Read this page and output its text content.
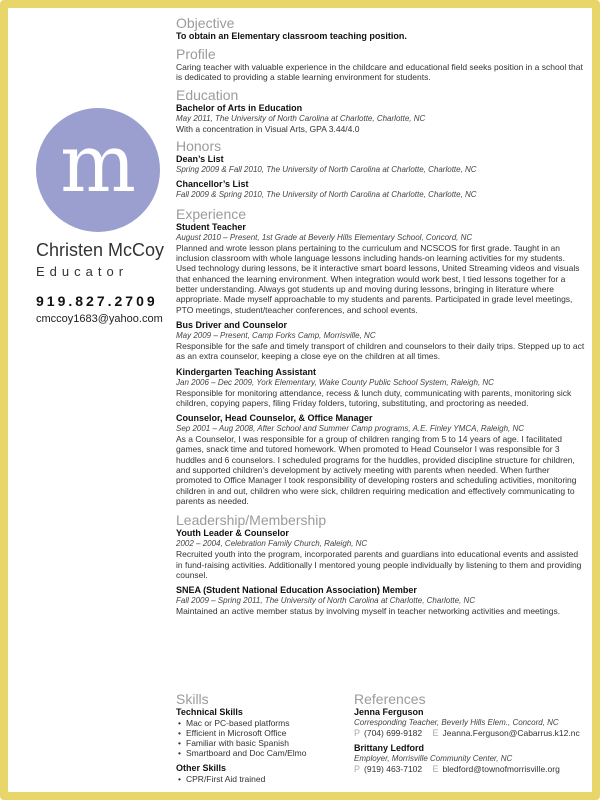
m
Christen McCoy
Educator
919.827.2709
cmccoy1683@yahoo.com
Objective
To obtain an Elementary classroom teaching position.
Profile
Caring teacher with valuable experience in the childcare and educational field seeks position in a school that is dedicated to providing a stable learning environment for students.
Education
Bachelor of Arts in Education
May 2011, The University of North Carolina at Charlotte, Charlotte, NC
With a concentration in Visual Arts, GPA 3.44/4.0
Honors
Dean’s List
Spring 2009 & Fall 2010, The University of North Carolina at Charlotte, Charlotte, NC
Chancellor’s List
Fall 2009 & Spring 2010, The University of North Carolina at Charlotte, Charlotte, NC
Experience
Student Teacher
August 2010 – Present, 1st Grade at Beverly Hills Elementary School, Concord, NC
Planned and wrote lesson plans pertaining to the curriculum and NCSCOS for first grade. Taught in an inclusion classroom with whole language lessons including hands-on learning activities for my students. Used technology during lessons, be it interactive smart board lessons, United Streaming videos and visuals that enhanced the learning environment. When integration would work best, I tied lessons together for a better understanding. Always got students up and moving during lessons, bringing in literature where appropriate. Made myself approachable to my students and parents. Participated in grade level meetings, PTO meetings, student/teacher conferences, and school events.
Bus Driver and Counselor
May 2009 – Present, Camp Forks Camp, Morrisville, NC
Responsible for the safe and timely transport of children and counselors to their daily trips. Stepped up to act as an extra counselor, keeping a close eye on the children at all times.
Kindergarten Teaching Assistant
Jan 2006 – Dec 2009, York Elementary, Wake County Public School System, Raleigh, NC
Responsible for monitoring attendance, recess & lunch duty, communicating with parents, monitoring sick children, copying papers, filing Friday folders, tutoring, substituting, and proctoring as needed.
Counselor, Head Counselor, & Office Manager
Sep 2001 – Aug 2008, After School and Summer Camp programs, A.E. Finley YMCA, Raleigh, NC
As a Counselor, I was responsible for a group of children ranging from 5 to 14 years of age. I facilitated games, snack time and tutored homework. When promoted to Head Counselor I was responsible for 3 huddles and 6 counselors. I scheduled programs for the huddles, provided discipline structure for children, and supported children’s development by actively meeting with parents when needed. When further promoted to Office Manager I took responsibility of developing rosters and scheduling activities, monitoring children in and out, children who were sick, children requiring medication and effectively communicating to parents as needed.
Leadership/Membership
Youth Leader & Counselor
2002 – 2004, Celebration Family Church, Raleigh, NC
Recruited youth into the program, incorporated parents and guardians into educational events and assisted in fund-raising activities. Additionally I mentored young people individually by listening to them and providing counsel.
SNEA (Student National Education Association) Member
Fall 2009 – Spring 2011, The University of North Carolina at Charlotte, Charlotte, NC
Maintained an active member status by involving myself in teacher networking activities and meetings.
Skills
Technical Skills
• Mac or PC-based platforms
• Efficient in Microsoft Office
• Familiar with basic Spanish
• Smartboard and Doc Cam/Elmo
Other Skills
• CPR/First Aid trained
References
Jenna Ferguson
Corresponding Teacher, Beverly Hills Elem., Concord, NC
P (704) 699-9182 E Jeanna.Ferguson@Cabarrus.k12.nc
Brittany Ledford
Employer, Morrisville Community Center, NC
P (919) 463-7102 E bledford@townofmorrisville.org
